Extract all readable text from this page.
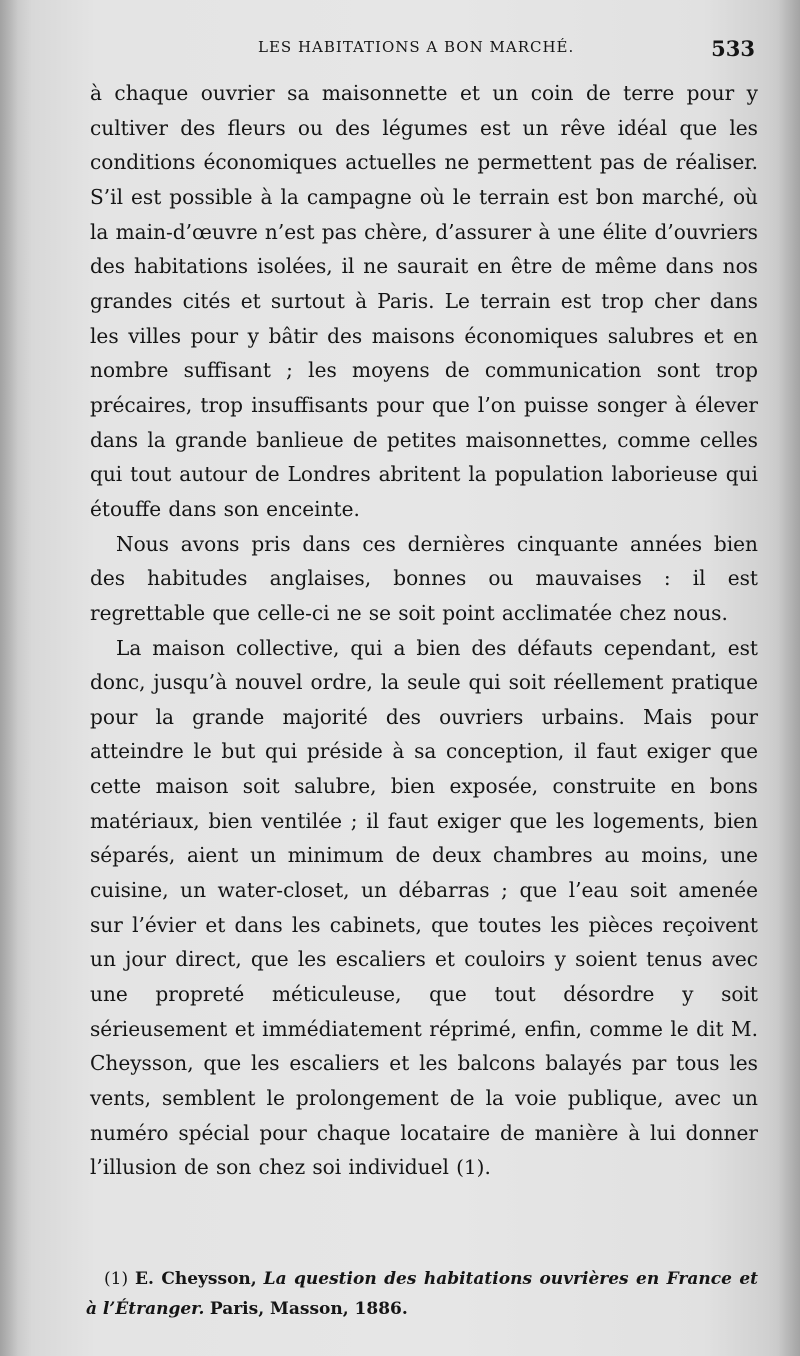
LES HABITATIONS A BON MARCHÉ.	533

à chaque ouvrier sa maisonnette et un coin de terre pour y cultiver des fleurs ou des légumes est un rêve idéal que les conditions économiques actuelles ne permettent pas de réaliser. S’il est possible à la campagne où le terrain est bon marché, où la main-d’œuvre n’est pas chère, d’assurer à une élite d’ouvriers des habitations isolées, il ne saurait en être de même dans nos grandes cités et surtout à Paris. Le terrain est trop cher dans les villes pour y bâtir des maisons économiques salubres et en nombre suffisant ; les moyens de communication sont trop précaires, trop insuffisants pour que l’on puisse songer à élever dans la grande banlieue de petites maisonnettes, comme celles qui tout autour de Londres abritent la population laborieuse qui étouffe dans son enceinte.

Nous avons pris dans ces dernières cinquante années bien des habitudes anglaises, bonnes ou mauvaises : il est regrettable que celle-ci ne se soit point acclimatée chez nous.

La maison collective, qui a bien des défauts cependant, est donc, jusqu’à nouvel ordre, la seule qui soit réellement pratique pour la grande majorité des ouvriers urbains. Mais pour atteindre le but qui préside à sa conception, il faut exiger que cette maison soit salubre, bien exposée, construite en bons matériaux, bien ventilée ; il faut exiger que les logements, bien séparés, aient un minimum de deux chambres au moins, une cuisine, un water-closet, un débarras ; que l’eau soit amenée sur l’évier et dans les cabinets, que toutes les pièces reçoivent un jour direct, que les escaliers et couloirs y soient tenus avec une propreté méticuleuse, que tout désordre y soit sérieusement et immédiatement réprimé, enfin, comme le dit M. Cheysson, que les escaliers et les balcons balayés par tous les vents, semblent le prolongement de la voie publique, avec un numéro spécial pour chaque locataire de manière à lui donner l’illusion de son chez soi individuel (1).

(1) E. Cheysson, La question des habitations ouvrières en France et à l’Étranger. Paris, Masson, 1886.
